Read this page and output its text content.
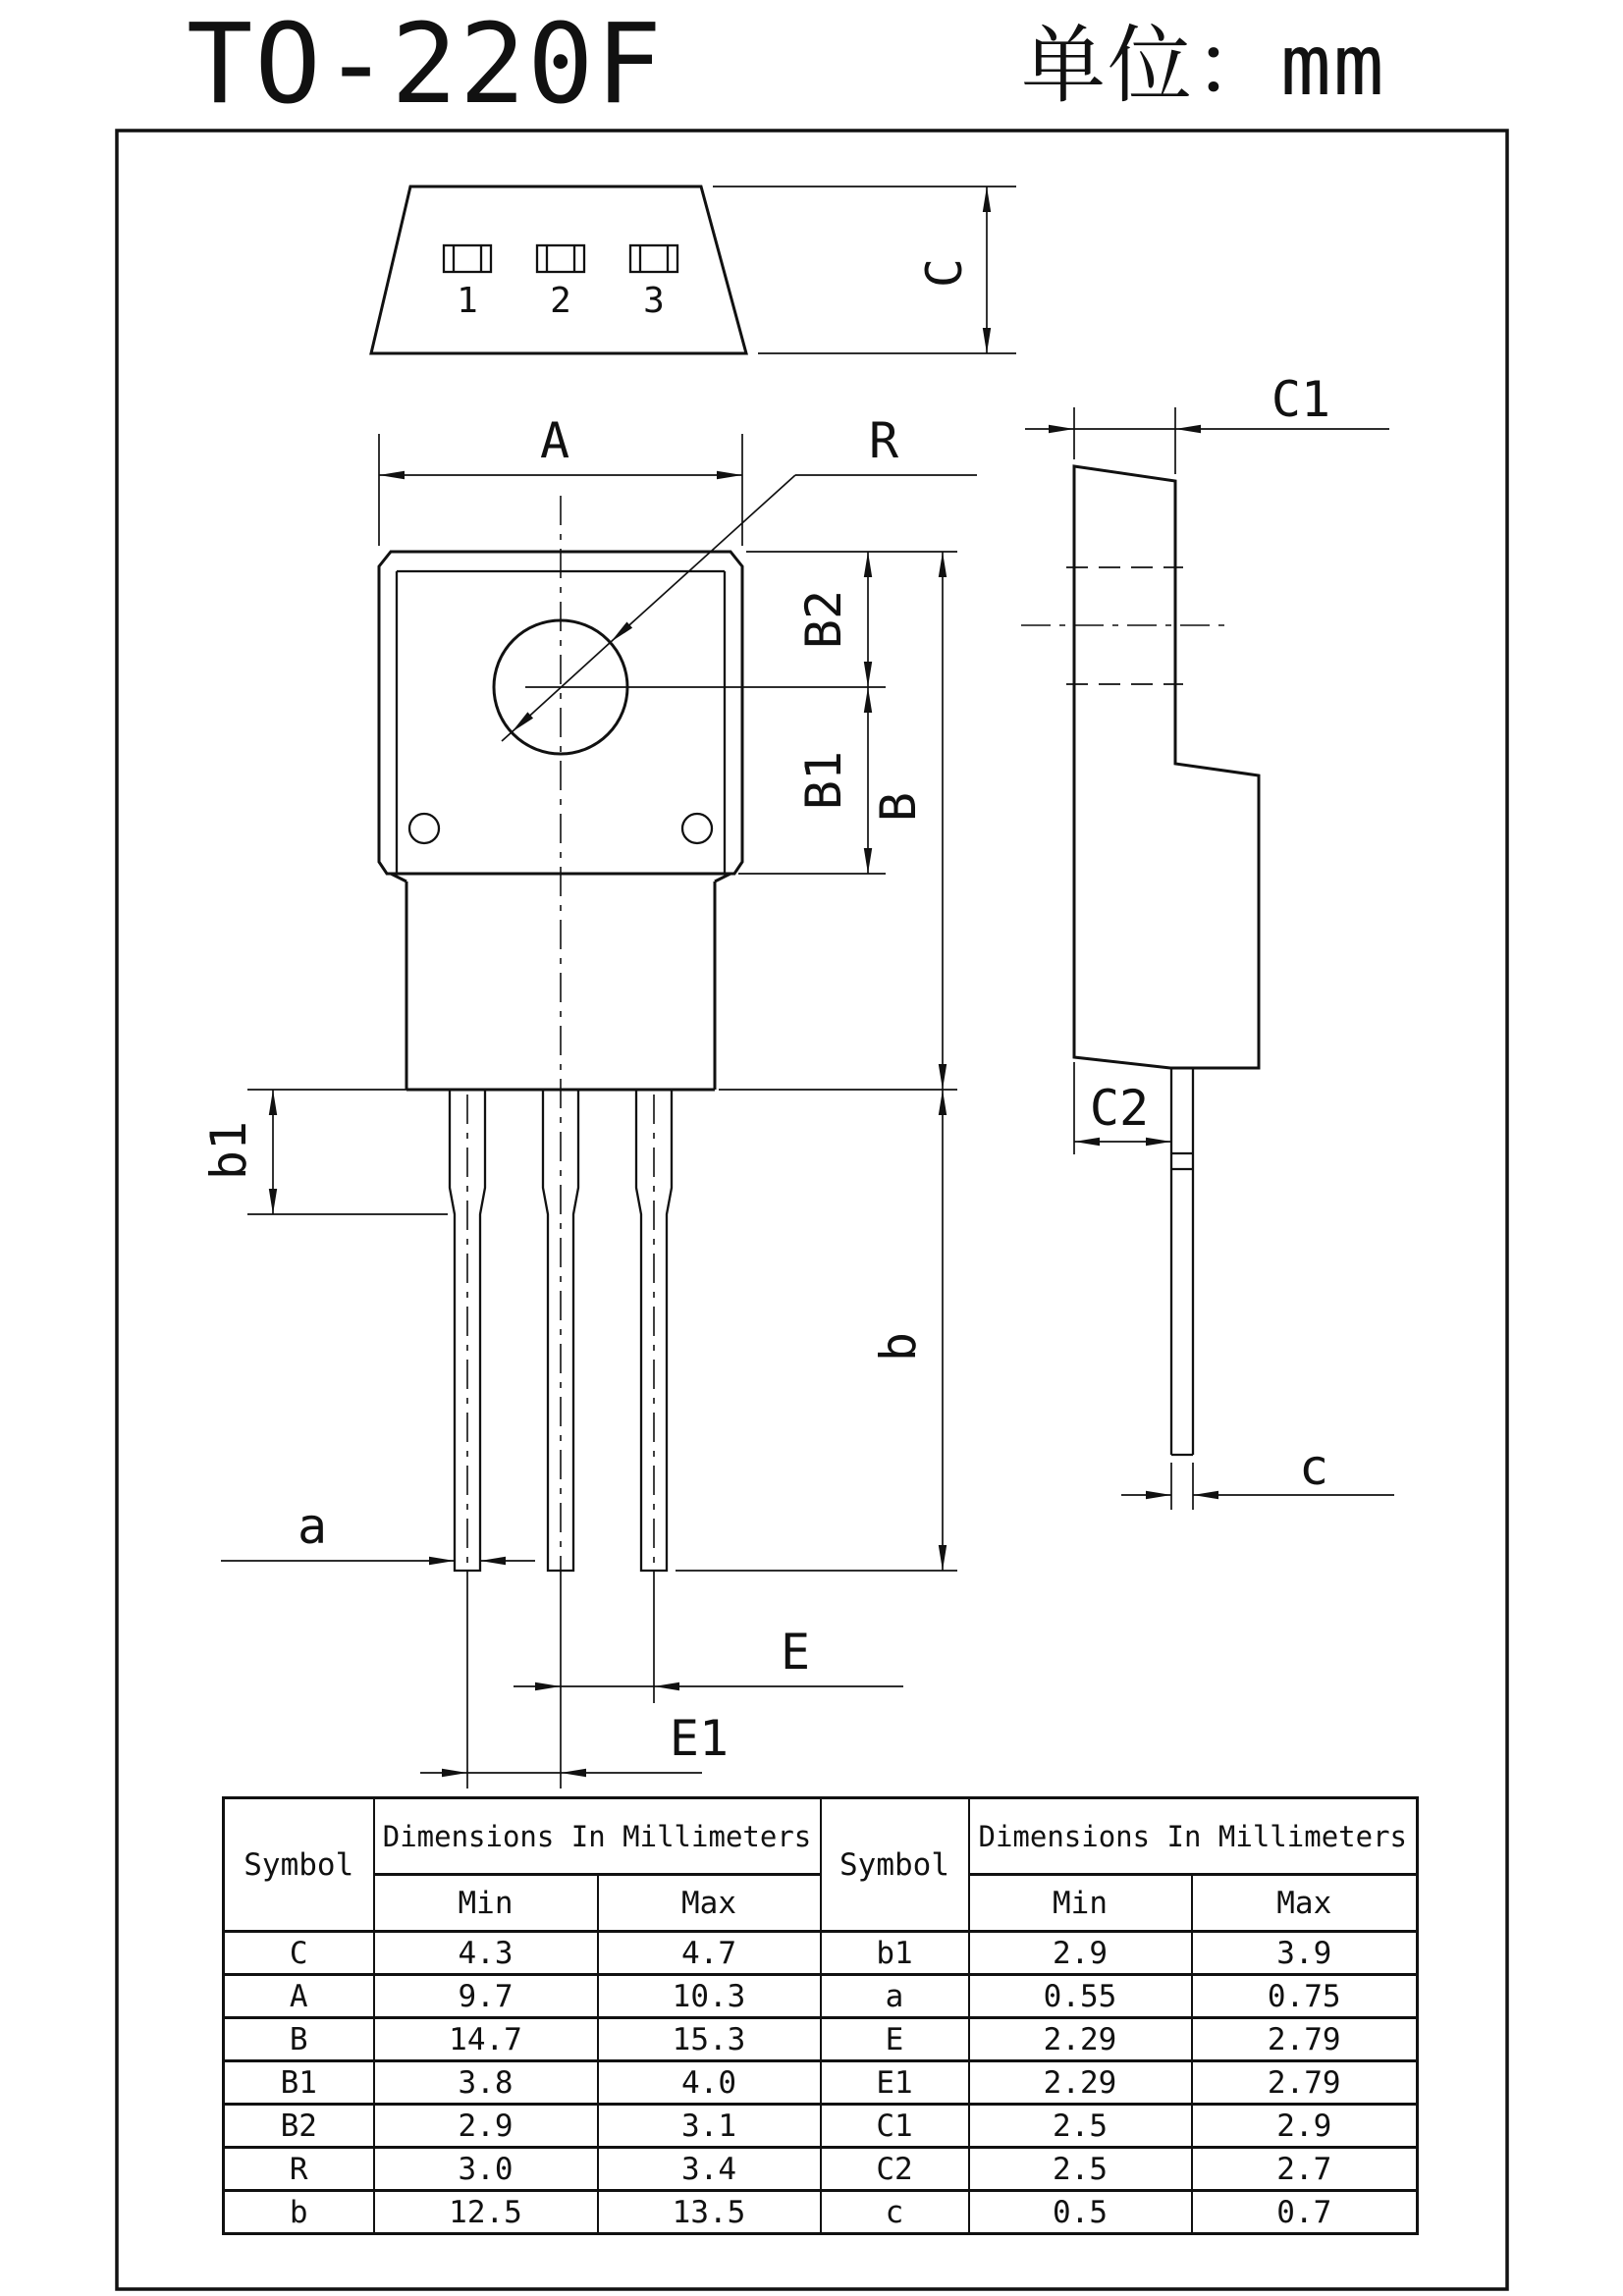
TO-220F	单位：mm
1 2 3
C
A	R
B2
B1 B
b
b1
a
E
E1
C1
C2
c
Symbol	Dimensions In Millimeters		Symbol	Dimensions In Millimeters	
	Min	Max		Min	Max
C	4.3	4.7	b1	2.9	3.9
A	9.7	10.3	a	0.55	0.75
B	14.7	15.3	E	2.29	2.79
B1	3.8	4.0	E1	2.29	2.79
B2	2.9	3.1	C1	2.5	2.9
R	3.0	3.4	C2	2.5	2.7
b	12.5	13.5	c	0.5	0.7
